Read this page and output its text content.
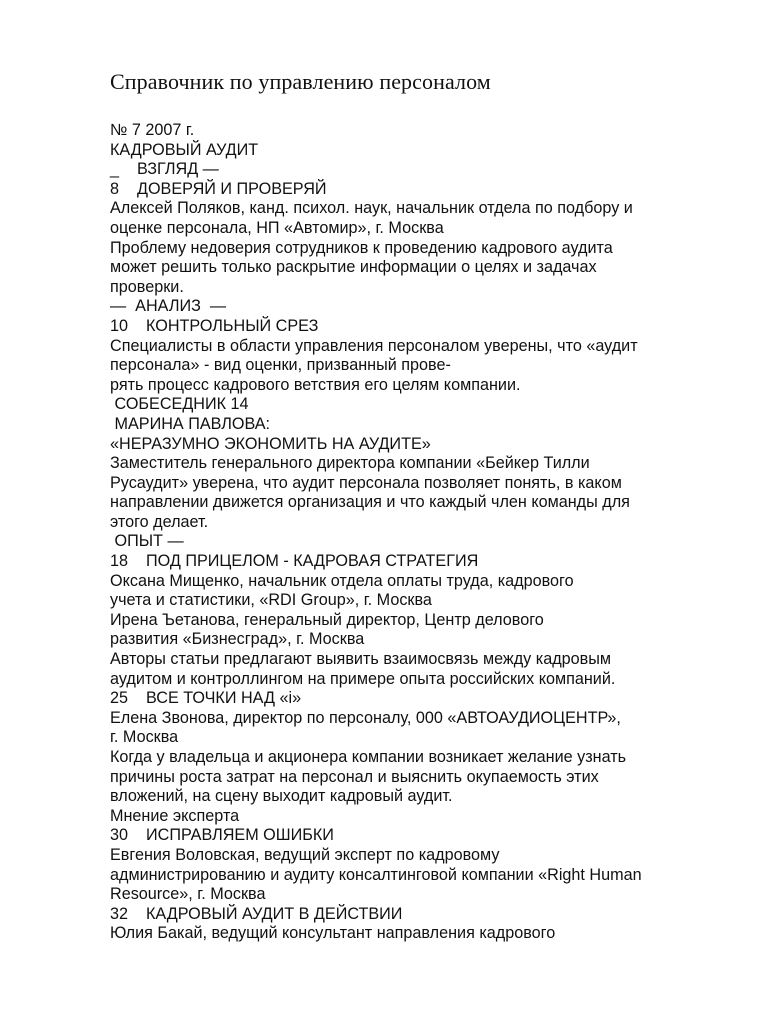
Справочник по управлению персоналом
№ 7 2007 г.
КАДРОВЫЙ АУДИТ
_    ВЗГЛЯД —
8    ДОВЕРЯЙ И ПРОВЕРЯЙ
Алексей Поляков, канд. психол. наук, начальник отдела по подбору и
оценке персонала, НП «Автомир», г. Москва
Проблему недоверия сотрудников к проведению кадрового аудита
может решить только раскрытие информации о целях и задачах
проверки.
—  АНАЛИЗ  —
10    КОНТРОЛЬНЫЙ СРЕЗ
Специалисты в области управления персоналом уверены, что «аудит
персонала» - вид оценки, призванный прове-
рять процесс кадрового ветствия его целям компании.
СОБЕСЕДНИК 14
МАРИНА ПАВЛОВА:
«НЕРАЗУМНО ЭКОНОМИТЬ НА АУДИТЕ»
Заместитель генерального директора компании «Бейкер Тилли
Русаудит» уверена, что аудит персонала позволяет понять, в каком
направлении движется организация и что каждый член команды для
этого делает.
ОПЫТ —
18    ПОД ПРИЦЕЛОМ - КАДРОВАЯ СТРАТЕГИЯ
Оксана Мищенко, начальник отдела оплаты труда, кадрового
учета и статистики, «RDI Group», г. Москва
Ирена Ъетанова, генеральный директор, Центр делового
развития «Бизнесград», г. Москва
Авторы статьи предлагают выявить взаимосвязь между кадровым
аудитом и контроллингом на примере опыта российских компаний.
25    ВСЕ ТОЧКИ НАД «i»
Елена Звонова, директор по персоналу, 000 «АВТОАУДИОЦЕНТР»,
г. Москва
Когда у владельца и акционера компании возникает желание узнать
причины роста затрат на персонал и выяснить окупаемость этих
вложений, на сцену выходит кадровый аудит.
Мнение эксперта
30    ИСПРАВЛЯЕМ ОШИБКИ
Евгения Воловская, ведущий эксперт по кадровому
администрированию и аудиту консалтинговой компании «Right Human
Resource», г. Москва
32    КАДРОВЫЙ АУДИТ В ДЕЙСТВИИ
Юлия Бакай, ведущий консультант направления кадрового
